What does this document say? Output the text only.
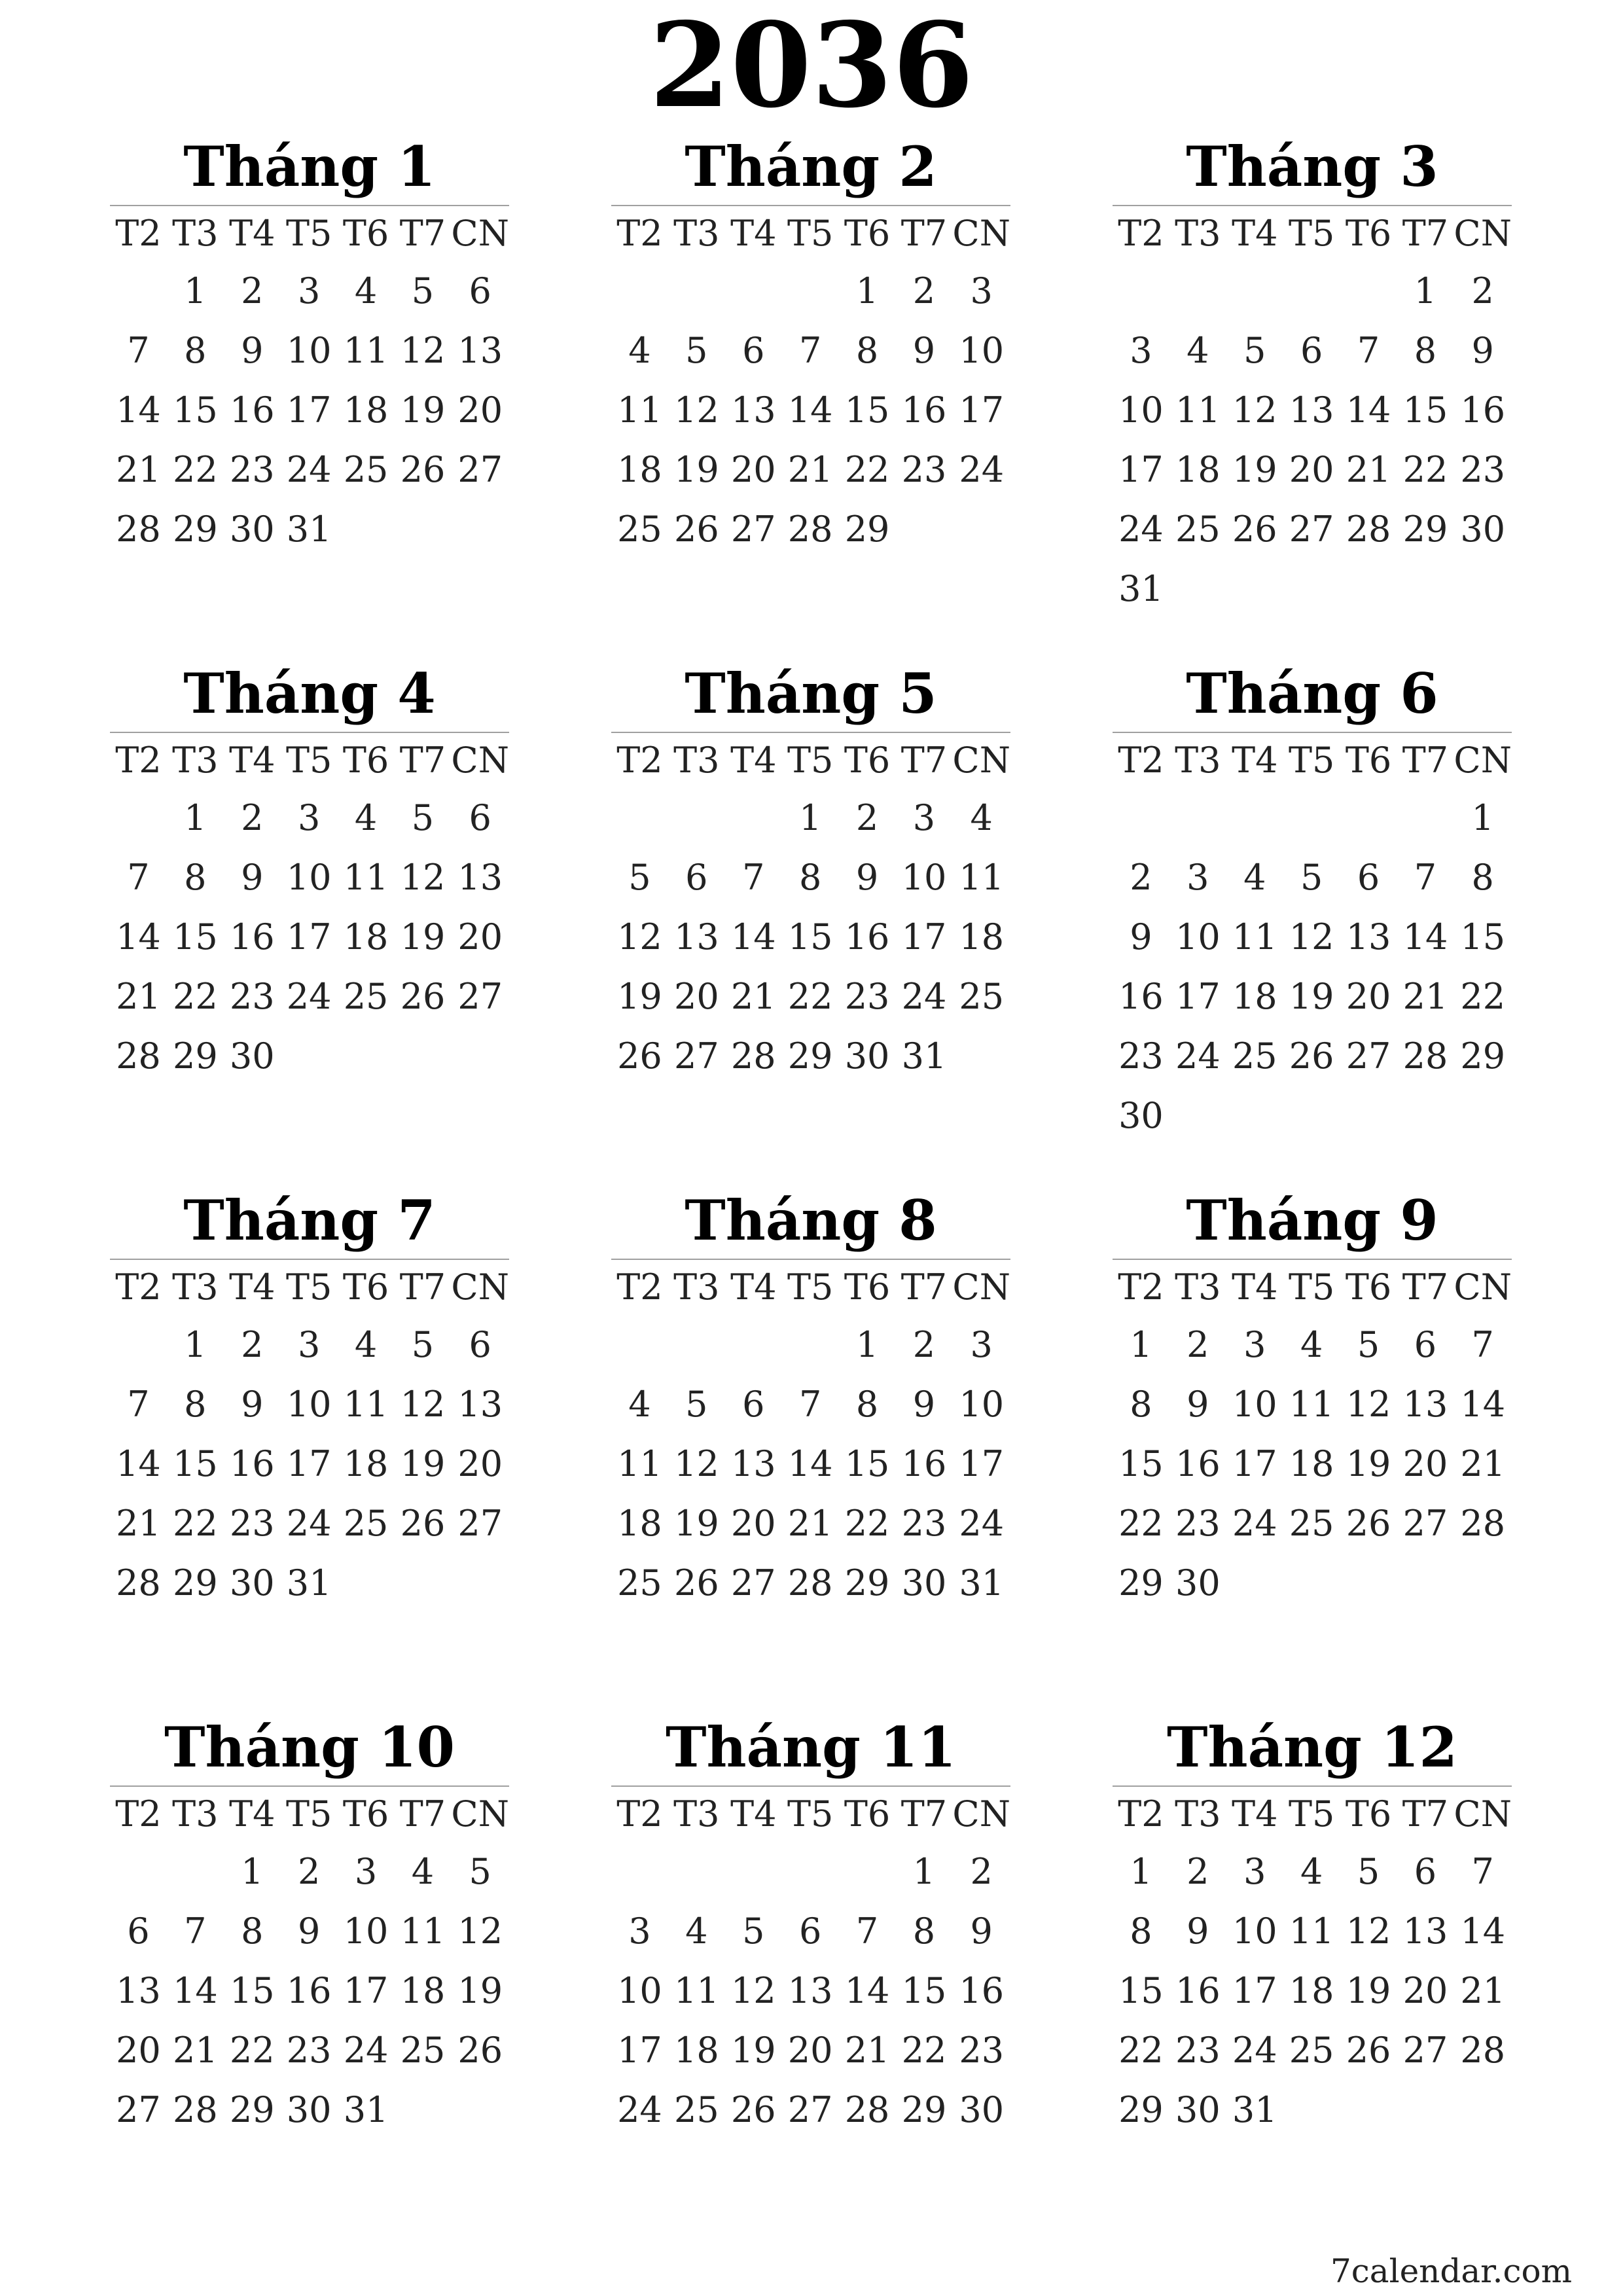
2036
Tháng 1
T2 T3 T4 T5 T6 T7 CN
1 2 3 4 5 6
7 8 9 10 11 12 13
14 15 16 17 18 19 20
21 22 23 24 25 26 27
28 29 30 31
Tháng 2
T2 T3 T4 T5 T6 T7 CN
1 2 3
4 5 6 7 8 9 10
11 12 13 14 15 16 17
18 19 20 21 22 23 24
25 26 27 28 29
Tháng 3
T2 T3 T4 T5 T6 T7 CN
1 2
3 4 5 6 7 8 9
10 11 12 13 14 15 16
17 18 19 20 21 22 23
24 25 26 27 28 29 30
31
Tháng 4
T2 T3 T4 T5 T6 T7 CN
1 2 3 4 5 6
7 8 9 10 11 12 13
14 15 16 17 18 19 20
21 22 23 24 25 26 27
28 29 30
Tháng 5
T2 T3 T4 T5 T6 T7 CN
1 2 3 4
5 6 7 8 9 10 11
12 13 14 15 16 17 18
19 20 21 22 23 24 25
26 27 28 29 30 31
Tháng 6
T2 T3 T4 T5 T6 T7 CN
1
2 3 4 5 6 7 8
9 10 11 12 13 14 15
16 17 18 19 20 21 22
23 24 25 26 27 28 29
30
Tháng 7
T2 T3 T4 T5 T6 T7 CN
1 2 3 4 5 6
7 8 9 10 11 12 13
14 15 16 17 18 19 20
21 22 23 24 25 26 27
28 29 30 31
Tháng 8
T2 T3 T4 T5 T6 T7 CN
1 2 3
4 5 6 7 8 9 10
11 12 13 14 15 16 17
18 19 20 21 22 23 24
25 26 27 28 29 30 31
Tháng 9
T2 T3 T4 T5 T6 T7 CN
1 2 3 4 5 6 7
8 9 10 11 12 13 14
15 16 17 18 19 20 21
22 23 24 25 26 27 28
29 30
Tháng 10
T2 T3 T4 T5 T6 T7 CN
1 2 3 4 5
6 7 8 9 10 11 12
13 14 15 16 17 18 19
20 21 22 23 24 25 26
27 28 29 30 31
Tháng 11
T2 T3 T4 T5 T6 T7 CN
1 2
3 4 5 6 7 8 9
10 11 12 13 14 15 16
17 18 19 20 21 22 23
24 25 26 27 28 29 30
Tháng 12
T2 T3 T4 T5 T6 T7 CN
1 2 3 4 5 6 7
8 9 10 11 12 13 14
15 16 17 18 19 20 21
22 23 24 25 26 27 28
29 30 31
7calendar.com
